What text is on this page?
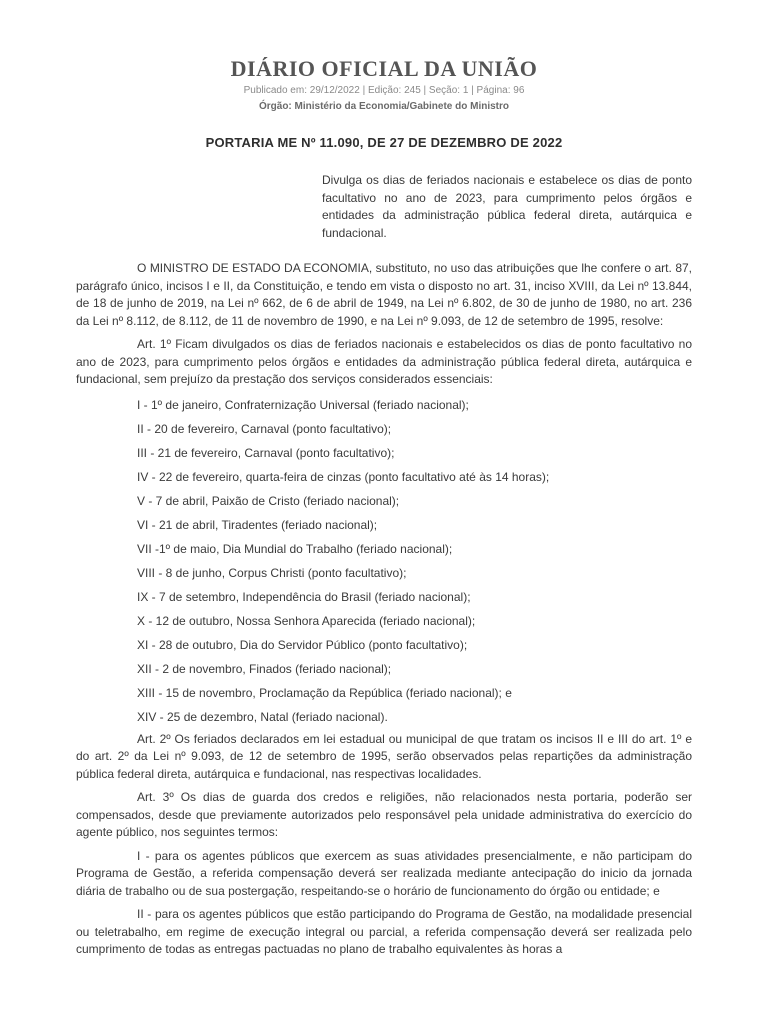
DIÁRIO OFICIAL DA UNIÃO
Publicado em: 29/12/2022 | Edição: 245 | Seção: 1 | Página: 96
Órgão: Ministério da Economia/Gabinete do Ministro
PORTARIA ME Nº 11.090, DE 27 DE DEZEMBRO DE 2022
Divulga os dias de feriados nacionais e estabelece os dias de ponto facultativo no ano de 2023, para cumprimento pelos órgãos e entidades da administração pública federal direta, autárquica e fundacional.

O MINISTRO DE ESTADO DA ECONOMIA, substituto, no uso das atribuições que lhe confere o art. 87, parágrafo único, incisos I e II, da Constituição, e tendo em vista o disposto no art. 31, inciso XVIII, da Lei nº 13.844, de 18 de junho de 2019, na Lei nº 662, de 6 de abril de 1949, na Lei nº 6.802, de 30 de junho de 1980, no art. 236 da Lei nº 8.112, de 8.112, de 11 de novembro de 1990, e na Lei nº 9.093, de 12 de setembro de 1995, resolve:

Art. 1º Ficam divulgados os dias de feriados nacionais e estabelecidos os dias de ponto facultativo no ano de 2023, para cumprimento pelos órgãos e entidades da administração pública federal direta, autárquica e fundacional, sem prejuízo da prestação dos serviços considerados essenciais:

I - 1º de janeiro, Confraternização Universal (feriado nacional);
II - 20 de fevereiro, Carnaval (ponto facultativo);
III - 21 de fevereiro, Carnaval (ponto facultativo);
IV - 22 de fevereiro, quarta-feira de cinzas (ponto facultativo até às 14 horas);
V - 7 de abril, Paixão de Cristo (feriado nacional);
VI - 21 de abril, Tiradentes (feriado nacional);
VII -1º de maio, Dia Mundial do Trabalho (feriado nacional);
VIII - 8 de junho, Corpus Christi (ponto facultativo);
IX - 7 de setembro, Independência do Brasil (feriado nacional);
X - 12 de outubro, Nossa Senhora Aparecida (feriado nacional);
XI - 28 de outubro, Dia do Servidor Público (ponto facultativo);
XII - 2 de novembro, Finados (feriado nacional);
XIII - 15 de novembro, Proclamação da República (feriado nacional); e
XIV - 25 de dezembro, Natal (feriado nacional).

Art. 2º Os feriados declarados em lei estadual ou municipal de que tratam os incisos II e III do art. 1º e do art. 2º da Lei nº 9.093, de 12 de setembro de 1995, serão observados pelas repartições da administração pública federal direta, autárquica e fundacional, nas respectivas localidades.

Art. 3º Os dias de guarda dos credos e religiões, não relacionados nesta portaria, poderão ser compensados, desde que previamente autorizados pelo responsável pela unidade administrativa do exercício do agente público, nos seguintes termos:

I - para os agentes públicos que exercem as suas atividades presencialmente, e não participam do Programa de Gestão, a referida compensação deverá ser realizada mediante antecipação do inicio da jornada diária de trabalho ou de sua postergação, respeitando-se o horário de funcionamento do órgão ou entidade; e

II - para os agentes públicos que estão participando do Programa de Gestão, na modalidade presencial ou teletrabalho, em regime de execução integral ou parcial, a referida compensação deverá ser realizada pelo cumprimento de todas as entregas pactuadas no plano de trabalho equivalentes às horas a
